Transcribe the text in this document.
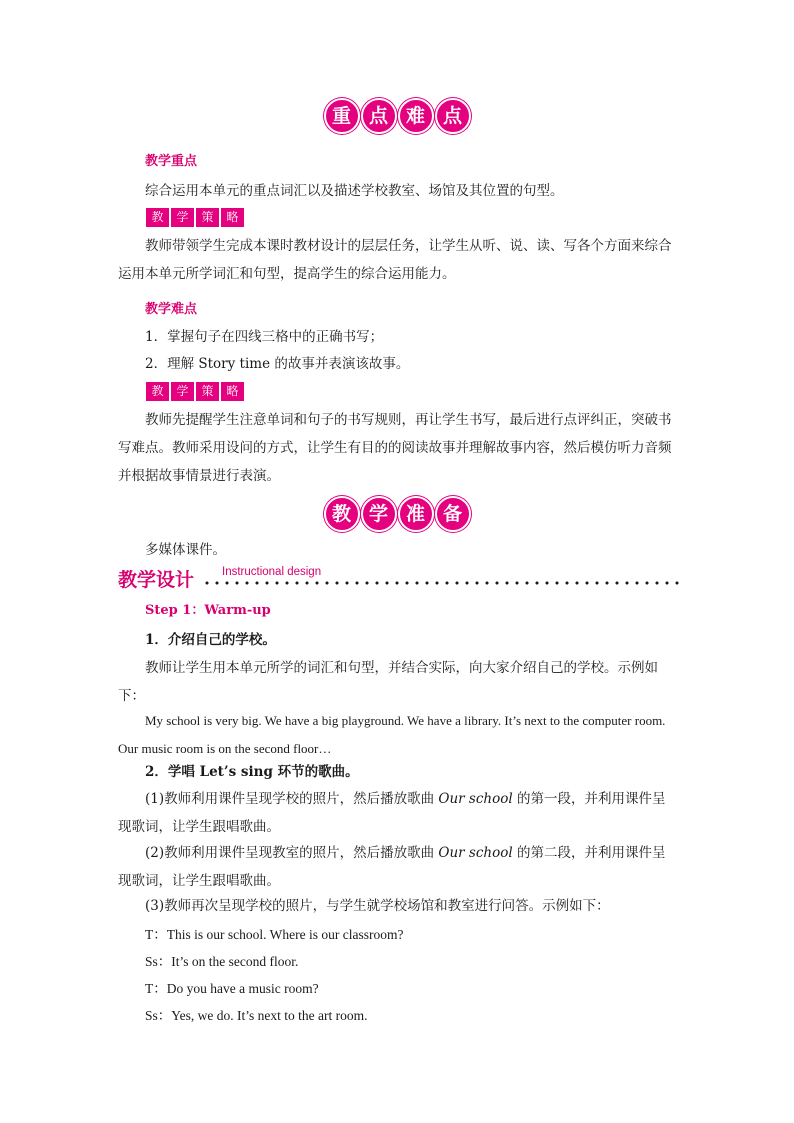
重 点 难 点
教学重点
综合运用本单元的重点词汇以及描述学校教室、场馆及其位置的句型。
教	学	策	略
教师带领学生完成本课时教材设计的层层任务，让学生从听、说、读、写各个方面来综合运用本单元所学词汇和句型，提高学生的综合运用能力。
教学难点
1．掌握句子在四线三格中的正确书写；
2．理解 Story time 的故事并表演该故事。
教	学	策	略
教师先提醒学生注意单词和句子的书写规则，再让学生书写，最后进行点评纠正，突破书写难点。教师采用设问的方式，让学生有目的的阅读故事并理解故事内容，然后模仿听力音频并根据故事情景进行表演。
教 学 准 备
多媒体课件。
教学设计 Instructional design
Step 1：Warm-up
1．介绍自己的学校。
教师让学生用本单元所学的词汇和句型，并结合实际，向大家介绍自己的学校。示例如下：
My school is very big. We have a big playground. We have a library. It’s next to the computer room. Our music room is on the second floor…
2．学唱 Let’s sing 环节的歌曲。
(1)教师利用课件呈现学校的照片，然后播放歌曲 Our school 的第一段，并利用课件呈现歌词，让学生跟唱歌曲。
(2)教师利用课件呈现教室的照片，然后播放歌曲 Our school 的第二段，并利用课件呈现歌词，让学生跟唱歌曲。
(3)教师再次呈现学校的照片，与学生就学校场馆和教室进行问答。示例如下：
T：This is our school. Where is our classroom?
Ss：It’s on the second floor.
T：Do you have a music room?
Ss：Yes, we do. It’s next to the art room.
